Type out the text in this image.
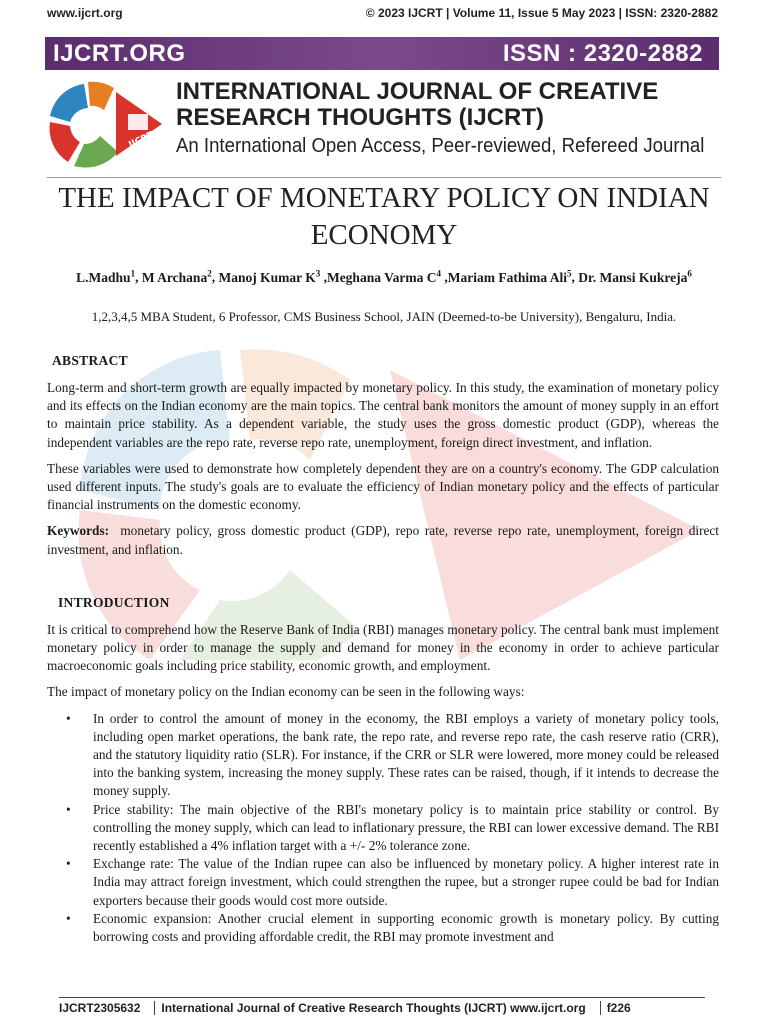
www.ijcrt.org	© 2023 IJCRT | Volume 11, Issue 5 May 2023 | ISSN: 2320-2882
IJCRT.ORG	ISSN : 2320-2882
IJCRT
INTERNATIONAL JOURNAL OF CREATIVE RESEARCH THOUGHTS (IJCRT)
An International Open Access, Peer-reviewed, Refereed Journal
THE IMPACT OF MONETARY POLICY ON INDIAN ECONOMY
L.Madhu$^1$, M Archana$^2$, Manoj Kumar $K^3$ ,Meghana Varma $C^4$ ,Mariam Fathima Ali$^5$, Dr. Mansi Kukreja$^6$
1,2,3,4,5 MBA Student, 6 Professor, CMS Business School, JAIN (Deemed-to-be University), Bengaluru, India.
ABSTRACT

Long-term and short-term growth are equally impacted by monetary policy. In this study, the examination of monetary policy and its effects on the Indian economy are the main topics. The central bank monitors the amount of money supply in an effort to maintain price stability. As a dependent variable, the study uses the gross domestic product (GDP), whereas the independent variables are the repo rate, reverse repo rate, unemployment, foreign direct investment, and inflation.

These variables were used to demonstrate how completely dependent they are on a country's economy. The GDP calculation used different inputs. The study's goals are to evaluate the efficiency of Indian monetary policy and the effects of particular financial instruments on the domestic economy.

Keywords: monetary policy, gross domestic product (GDP), repo rate, reverse repo rate, unemployment, foreign direct investment, and inflation.

INTRODUCTION

It is critical to comprehend how the Reserve Bank of India (RBI) manages monetary policy. The central bank must implement monetary policy in order to manage the supply and demand for money in the economy in order to achieve particular macroeconomic goals including price stability, economic growth, and employment.

The impact of monetary policy on the Indian economy can be seen in the following ways:

• In order to control the amount of money in the economy, the RBI employs a variety of monetary policy tools, including open market operations, the bank rate, the repo rate, and reverse repo rate, the cash reserve ratio (CRR), and the statutory liquidity ratio (SLR). For instance, if the CRR or SLR were lowered, more money could be released into the banking system, increasing the money supply. These rates can be raised, though, if it intends to decrease the money supply.
• Price stability: The main objective of the RBI's monetary policy is to maintain price stability or control. By controlling the money supply, which can lead to inflationary pressure, the RBI can lower excessive demand. The RBI recently established a 4% inflation target with a +/- 2% tolerance zone.
• Exchange rate: The value of the Indian rupee can also be influenced by monetary policy. A higher interest rate in India may attract foreign investment, which could strengthen the rupee, but a stronger rupee could be bad for Indian exporters because their goods would cost more outside.
• Economic expansion: Another crucial element in supporting economic growth is monetary policy. By cutting borrowing costs and providing affordable credit, the RBI may promote investment and
IJCRT2305632 International Journal of Creative Research Thoughts (IJCRT) www.ijcrt.org f226
